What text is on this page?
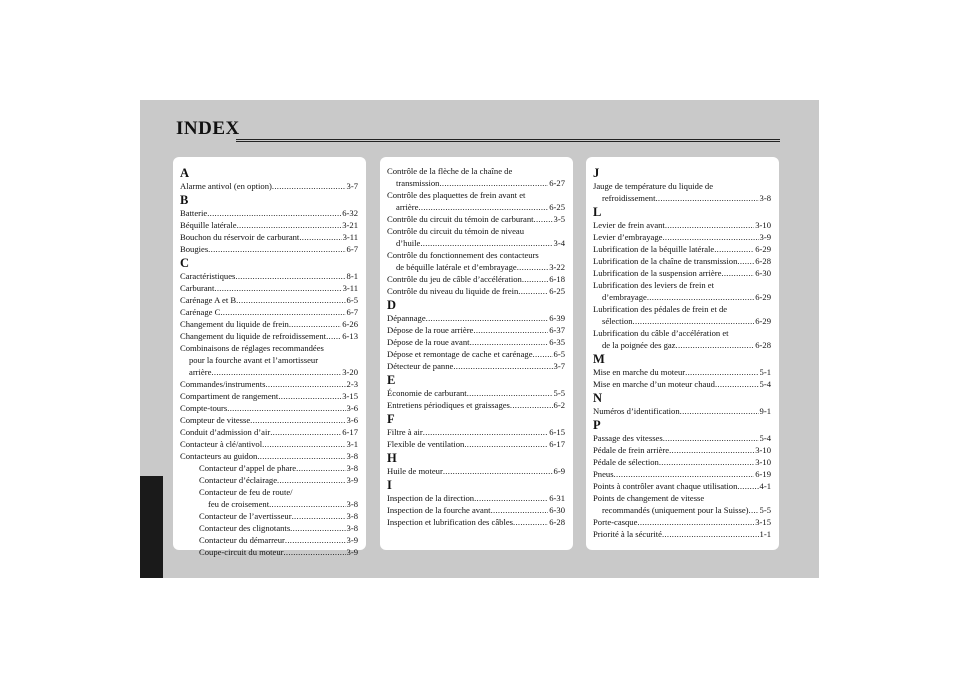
INDEX
A
Alarme antivol (en option) .....	3-7
B
Batterie .....	6-32
Béquille latérale .....	3-21
Bouchon du réservoir de carburant .....	3-11
Bougies .....	6-7
C
Caractéristiques .....	8-1
Carburant .....	3-11
Carénage A et B .....	6-5
Carénage C .....	6-7
Changement du liquide de frein .....	6-26
Changement du liquide de refroidissement ..... 6-13
Combinaisons de réglages recommandées
pour la fourche avant et l’amortisseur
arrière .....	3-20
Commandes/instruments .....	2-3
Compartiment de rangement .....	3-15
Compte-tours .....	3-6
Compteur de vitesse .....	3-6
Conduit d’admission d’air .....	6-17
Contacteur à clé/antivol .....	3-1
Contacteurs au guidon .....	3-8
Contacteur d’appel de phare .....	3-8
Contacteur d’éclairage .....	3-9
Contacteur de feu de route/
feu de croisement .....	3-8
Contacteur de l’avertisseur .....	3-8
Contacteur des clignotants .....	3-8
Contacteur du démarreur .....	3-9
Coupe-circuit du moteur .....	3-9
Contrôle de la flèche de la chaîne de
transmission .....	6-27
Contrôle des plaquettes de frein avant et
arrière .....	6-25
Contrôle du circuit du témoin de carburant ..... 3-5
Contrôle du circuit du témoin de niveau
d’huile .....	3-4
Contrôle du fonctionnement des contacteurs
de béquille latérale et d’embrayage .....	3-22
Contrôle du jeu de câble d’accélération .....	6-18
Contrôle du niveau du liquide de frein .....	6-25
D
Dépannage .....	6-39
Dépose de la roue arrière .....	6-37
Dépose de la roue avant .....	6-35
Dépose et remontage de cache et carénage ..... 6-5
Détecteur de panne .....	3-7
E
Économie de carburant .....	5-5
Entretiens périodiques et graissages .....	6-2
F
Filtre à air .....	6-15
Flexible de ventilation .....	6-17
H
Huile de moteur .....	6-9
I
Inspection de la direction .....	6-31
Inspection de la fourche avant .....	6-30
Inspection et lubrification des câbles .....	6-28
J
Jauge de température du liquide de
refroidissement .....	3-8
L
Levier de frein avant .....	3-10
Levier d’embrayage .....	3-9
Lubrification de la béquille latérale .....	6-29
Lubrification de la chaîne de transmission ..... 6-28
Lubrification de la suspension arrière .....	6-30
Lubrification des leviers de frein et
d’embrayage .....	6-29
Lubrification des pédales de frein et de
sélection .....	6-29
Lubrification du câble d’accélération et
de la poignée des gaz .....	6-28
M
Mise en marche du moteur .....	5-1
Mise en marche d’un moteur chaud .....	5-4
N
Numéros d’identification .....	9-1
P
Passage des vitesses .....	5-4
Pédale de frein arrière .....	3-10
Pédale de sélection .....	3-10
Pneus .....	6-19
Points à contrôler avant chaque utilisation .....	4-1
Points de changement de vitesse
recommandés (uniquement pour la Suisse) ..... 5-5
Porte-casque .....	3-15
Priorité à la sécurité .....	1-1
